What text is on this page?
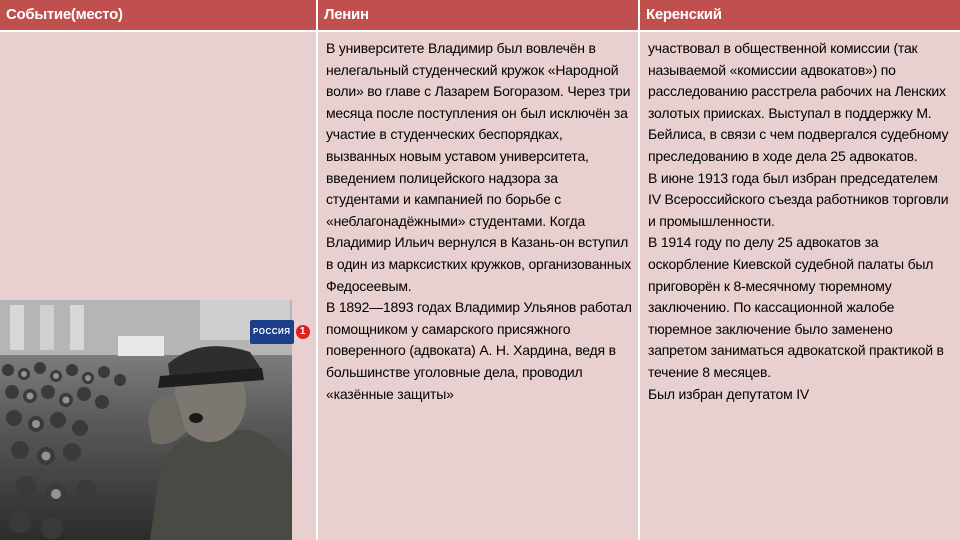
Событие(место)	Ленин	Керенский
РОССИЯ 1

В университете Владимир был вовлечён в нелегальный студенческий кружок «Народной воли» во главе с Лазарем Богоразом. Через три месяца после поступления он был исключён за участие в студенческих беспорядках, вызванных новым уставом университета, введением полицейского надзора за студентами и кампанией по борьбе с «неблагонадёжными» студентами. Когда Владимир Ильич вернулся в Казань-он вступил в один из марксистких кружков, организованных Федосеевым.

В 1892—1893 годах Владимир Ульянов работал помощником у самарского присяжного поверенного (адвоката) А. Н. Хардина, ведя в большинстве уголовные дела, проводил «казённые защиты»

участвовал в общественной комиссии (так называемой «комиссии адвокатов») по расследованию расстрела рабочих на Ленских золотых приисках. Выступал в поддержку М. Бейлиса, в связи с чем подвергался судебному преследованию в ходе дела 25 адвокатов.

В июне 1913 года был избран председателем IV Всероссийского съезда работников торговли и промышленности.

В 1914 году по делу 25 адвокатов за оскорбление Киевской судебной палаты был приговорён к 8-месячному тюремному заключению. По кассационной жалобе тюремное заключение было заменено запретом заниматься адвокатской практикой в течение 8 месяцев.

Был избран депутатом IV
